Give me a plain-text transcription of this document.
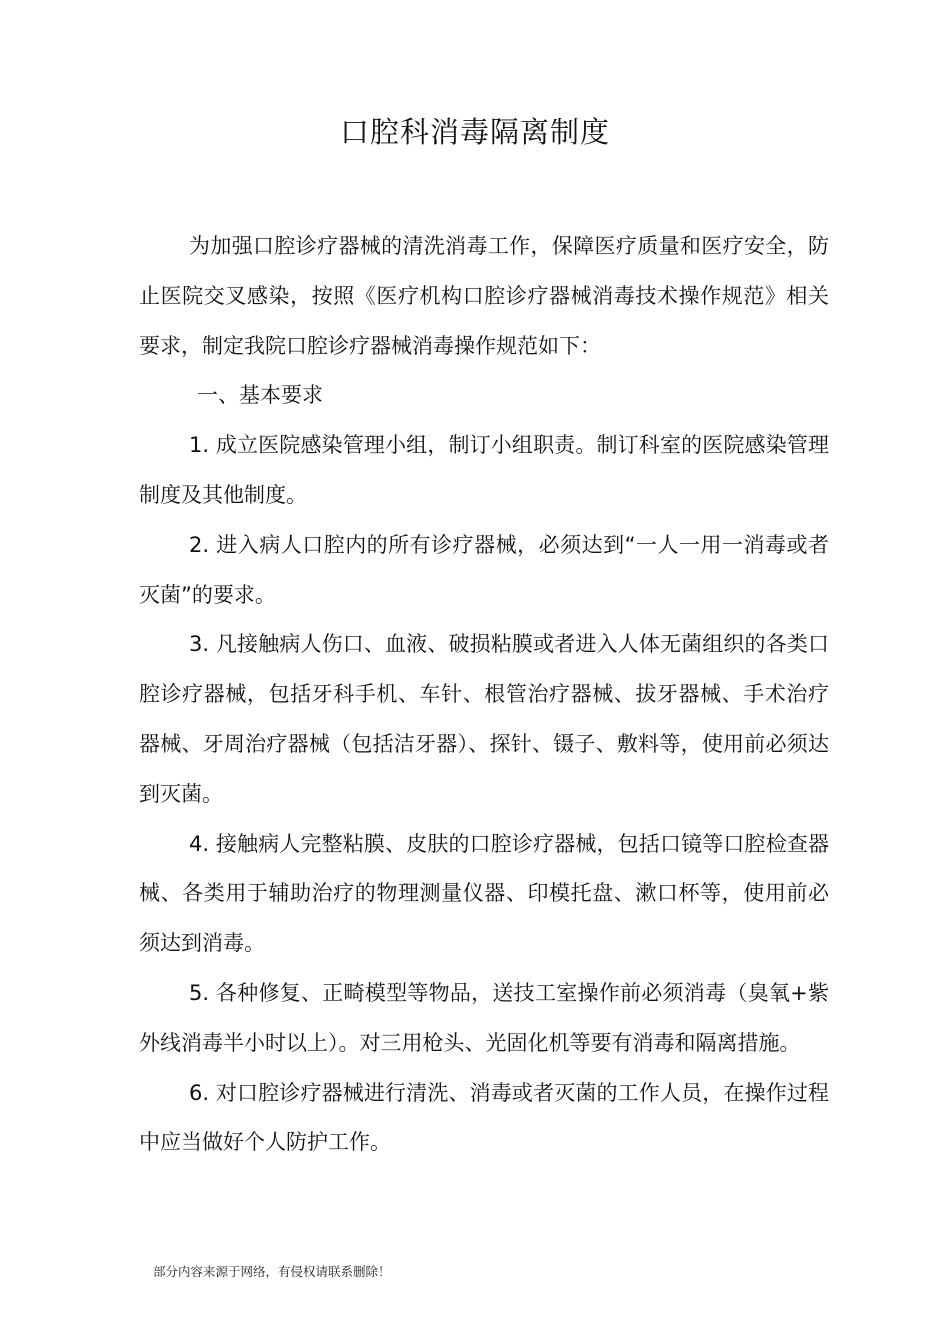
口腔科消毒隔离制度

为加强口腔诊疗器械的清洗消毒工作，保障医疗质量和医疗安全，防止医院交叉感染，按照《医疗机构口腔诊疗器械消毒技术操作规范》相关要求，制定我院口腔诊疗器械消毒操作规范如下：

一、基本要求

1. 成立医院感染管理小组，制订小组职责。制订科室的医院感染管理制度及其他制度。

2. 进入病人口腔内的所有诊疗器械，必须达到“一人一用一消毒或者灭菌”的要求。

3. 凡接触病人伤口、血液、破损粘膜或者进入人体无菌组织的各类口腔诊疗器械，包括牙科手机、车针、根管治疗器械、拔牙器械、手术治疗器械、牙周治疗器械（包括洁牙器）、探针、镊子、敷料等，使用前必须达到灭菌。

4. 接触病人完整粘膜、皮肤的口腔诊疗器械，包括口镜等口腔检查器械、各类用于辅助治疗的物理测量仪器、印模托盘、漱口杯等，使用前必须达到消毒。

5. 各种修复、正畸模型等物品，送技工室操作前必须消毒（臭氧+紫外线消毒半小时以上）。对三用枪头、光固化机等要有消毒和隔离措施。

6. 对口腔诊疗器械进行清洗、消毒或者灭菌的工作人员，在操作过程中应当做好个人防护工作。

部分内容来源于网络，有侵权请联系删除！
